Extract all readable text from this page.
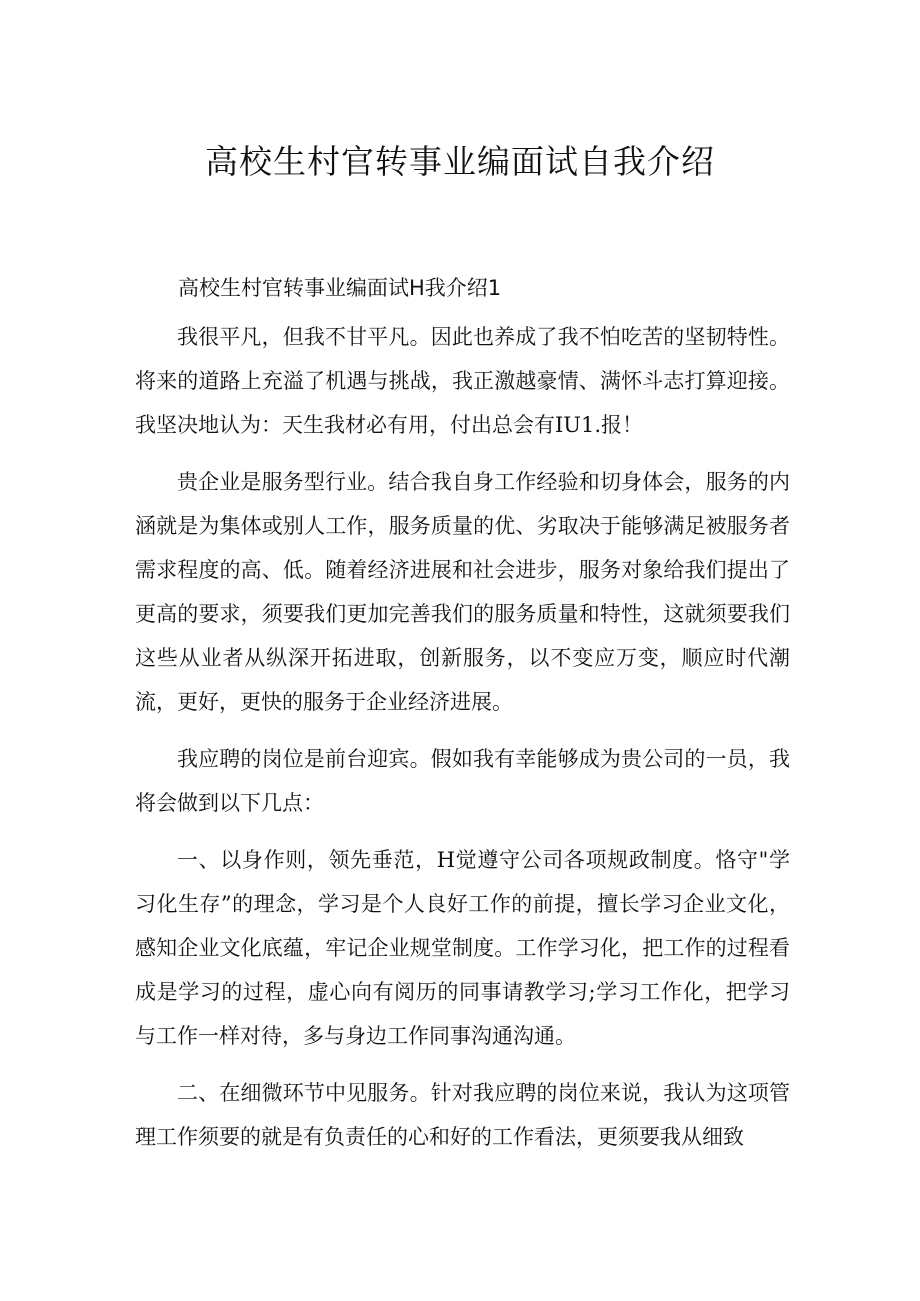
高校生村官转事业编面试自我介绍
高校生村官转事业编面试H我介绍1

我很平凡，但我不甘平凡。因此也养成了我不怕吃苦的坚韧特性。将来的道路上充溢了机遇与挑战，我正激越豪情、满怀斗志打算迎接。我坚决地认为：天生我材必有用，付出总会有IU1.报！

贵企业是服务型行业。结合我自身工作经验和切身体会，服务的内涵就是为集体或别人工作，服务质量的优、劣取决于能够满足被服务者需求程度的高、低。随着经济进展和社会进步，服务对象给我们提出了更高的要求，须要我们更加完善我们的服务质量和特性，这就须要我们这些从业者从纵深开拓进取，创新服务，以不变应万变，顺应时代潮流，更好，更快的服务于企业经济进展。

我应聘的岗位是前台迎宾。假如我有幸能够成为贵公司的一员，我将会做到以下几点：

一、以身作则，领先垂范，H觉遵守公司各项规政制度。恪守"学习化生存”的理念，学习是个人良好工作的前提，擅长学习企业文化，感知企业文化底蕴，牢记企业规堂制度。工作学习化，把工作的过程看成是学习的过程，虚心向有阅历的同事请教学习;学习工作化，把学习与工作一样对待，多与身边工作同事沟通沟通。

二、在细微环节中见服务。针对我应聘的岗位来说，我认为这项管理工作须要的就是有负责任的心和好的工作看法，更须要我从细致
